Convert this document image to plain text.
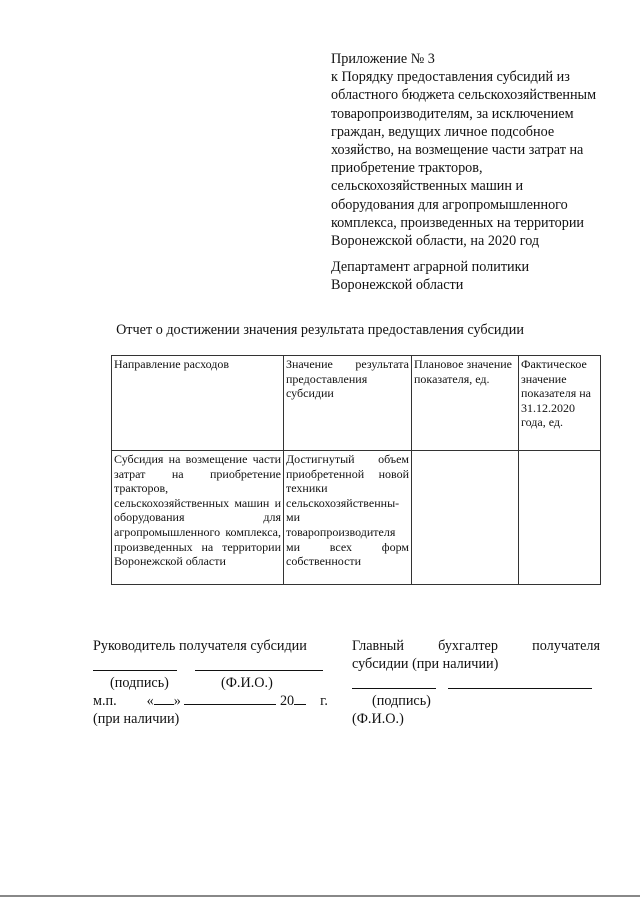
Приложение № 3
к Порядку предоставления субсидий из
областного бюджета сельскохозяйственным
товаропроизводителям, за исключением
граждан, ведущих личное подсобное
хозяйство, на возмещение части затрат на
приобретение тракторов,
сельскохозяйственных машин и
оборудования для агропромышленного
комплекса, произведенных на территории
Воронежской области, на 2020 год
Департамент аграрной политики
Воронежской области
Отчет о достижении значения результата предоставления субсидии
Направление расходов	Значение результата предоставления субсидии	Плановое значение показателя, ед.	Фактическое значение показателя на 31.12.2020 года, ед.
Субсидия на возмещение части затрат на приобретение тракторов, сельскохозяйственных машин и оборудования для агропромышленного комплекса, произведенных на территории Воронежской области	Достигнутый объем приобретенной новой техники сельскохозяйственны-ми товаропроизводителя ми всех форм собственности		
Руководитель получателя субсидии
(подпись)	(Ф.И.О.)
м.п. « »	20 г.
(при наличии)
Главный бухгалтер получателя
субсидии (при наличии)
(подпись)
(Ф.И.О.)
